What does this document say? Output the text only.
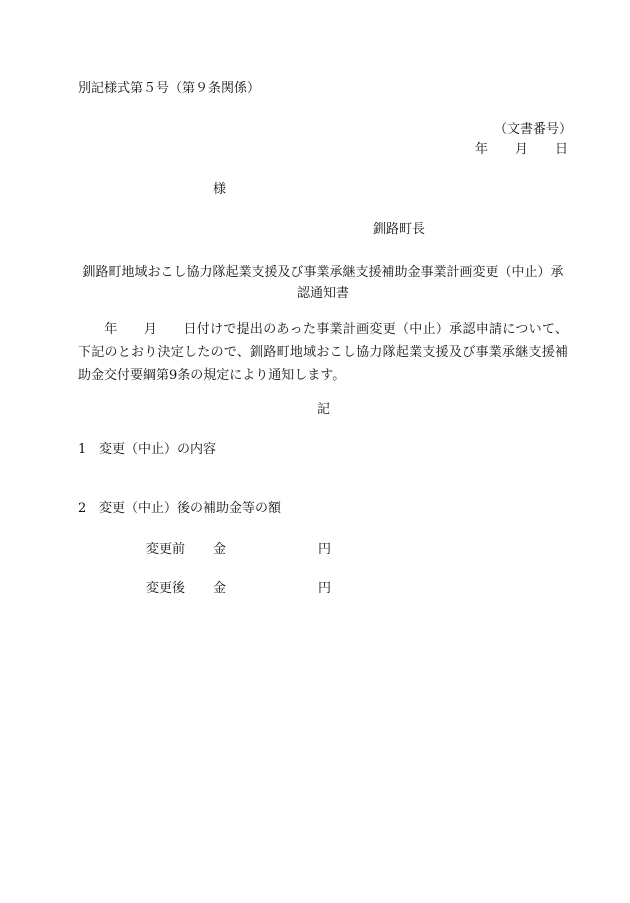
別記様式第５号（第９条関係）
（文書番号）
年 月 日
様
釧路町長
釧路町地域おこし協力隊起業支援及び事業承継支援補助金事業計画変更（中止）承認通知書
年 月 日付けで提出のあった事業計画変更（中止）承認申請について、下記のとおり決定したので、釧路町地域おこし協力隊起業支援及び事業承継支援補助金交付要綱第9条の規定により通知します。
記
1 変更（中止）の内容
2 変更（中止）後の補助金等の額
変更前 金	円
変更後 金	円
